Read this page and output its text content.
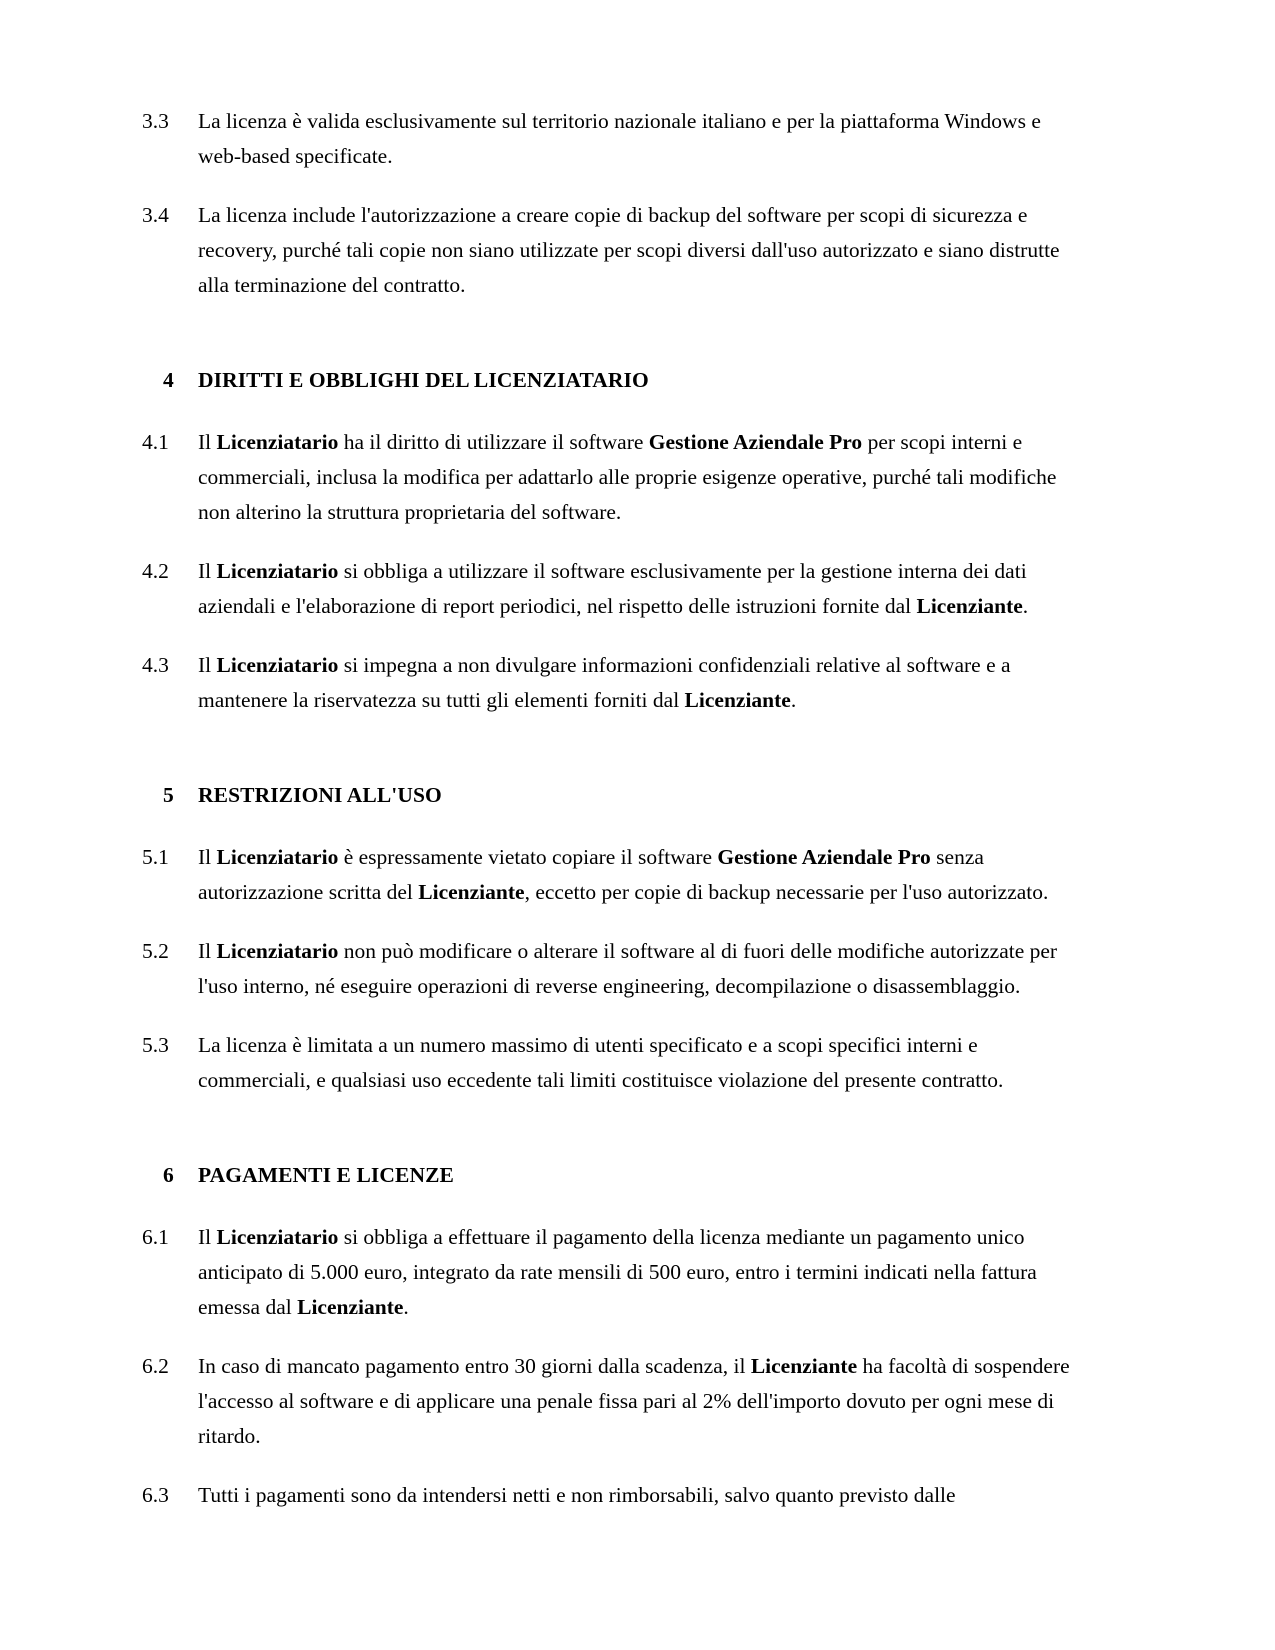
3.3	La licenza è valida esclusivamente sul territorio nazionale italiano e per la piattaforma Windows e web-based specificate.
3.4	La licenza include l'autorizzazione a creare copie di backup del software per scopi di sicurezza e recovery, purché tali copie non siano utilizzate per scopi diversi dall'uso autorizzato e siano distrutte alla terminazione del contratto.
4	DIRITTI E OBBLIGHI DEL LICENZIATARIO
4.1	Il Licenziatario ha il diritto di utilizzare il software Gestione Aziendale Pro per scopi interni e commerciali, inclusa la modifica per adattarlo alle proprie esigenze operative, purché tali modifiche non alterino la struttura proprietaria del software.
4.2	Il Licenziatario si obbliga a utilizzare il software esclusivamente per la gestione interna dei dati aziendali e l'elaborazione di report periodici, nel rispetto delle istruzioni fornite dal Licenziante.
4.3	Il Licenziatario si impegna a non divulgare informazioni confidenziali relative al software e a mantenere la riservatezza su tutti gli elementi forniti dal Licenziante.
5	RESTRIZIONI ALL'USO
5.1	Il Licenziatario è espressamente vietato copiare il software Gestione Aziendale Pro senza autorizzazione scritta del Licenziante, eccetto per copie di backup necessarie per l'uso autorizzato.
5.2	Il Licenziatario non può modificare o alterare il software al di fuori delle modifiche autorizzate per l'uso interno, né eseguire operazioni di reverse engineering, decompilazione o disassemblaggio.
5.3	La licenza è limitata a un numero massimo di utenti specificato e a scopi specifici interni e commerciali, e qualsiasi uso eccedente tali limiti costituisce violazione del presente contratto.
6	PAGAMENTI E LICENZE
6.1	Il Licenziatario si obbliga a effettuare il pagamento della licenza mediante un pagamento unico anticipato di 5.000 euro, integrato da rate mensili di 500 euro, entro i termini indicati nella fattura emessa dal Licenziante.
6.2	In caso di mancato pagamento entro 30 giorni dalla scadenza, il Licenziante ha facoltà di sospendere l'accesso al software e di applicare una penale fissa pari al 2% dell'importo dovuto per ogni mese di ritardo.
6.3	Tutti i pagamenti sono da intendersi netti e non rimborsabili, salvo quanto previsto dalle
